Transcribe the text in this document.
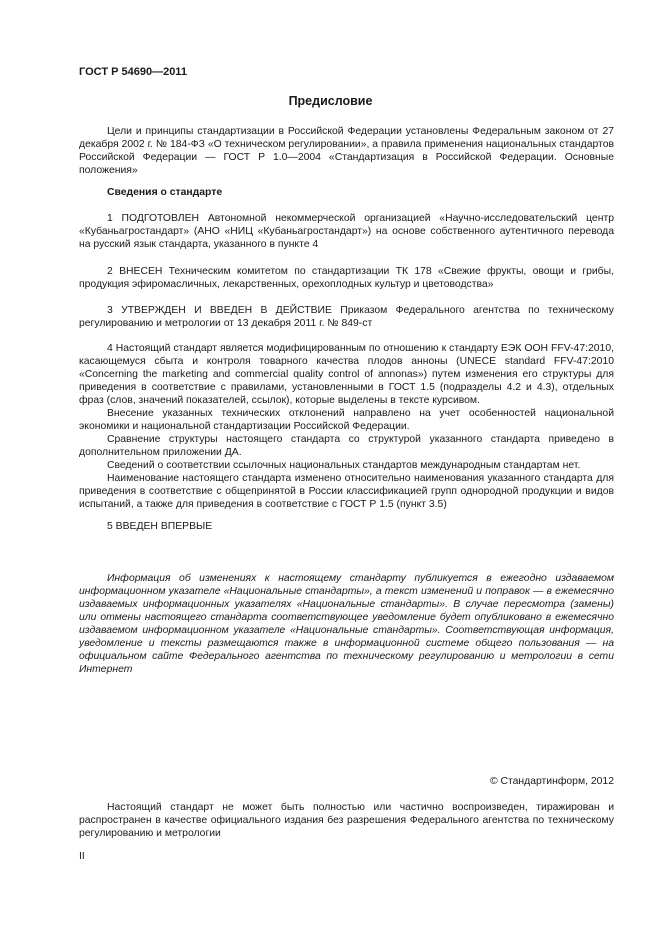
ГОСТ Р 54690—2011
Предисловие

Цели и принципы стандартизации в Российской Федерации установлены Федеральным законом от 27 декабря 2002 г. № 184-ФЗ «О техническом регулировании», а правила применения национальных стандартов Российской Федерации — ГОСТ Р 1.0—2004 «Стандартизация в Российской Федерации. Основные положения»

Сведения о стандарте

1 ПОДГОТОВЛЕН Автономной некоммерческой организацией «Научно-исследовательский центр «Кубаньагростандарт» (АНО «НИЦ «Кубаньагростандарт») на основе собственного аутентичного перевода на русский язык стандарта, указанного в пункте 4

2 ВНЕСЕН Техническим комитетом по стандартизации ТК 178 «Свежие фрукты, овощи и грибы, продукция эфиромасличных, лекарственных, орехоплодных культур и цветоводства»

3 УТВЕРЖДЕН И ВВЕДЕН В ДЕЙСТВИЕ Приказом Федерального агентства по техническому регулированию и метрологии от 13 декабря 2011 г. № 849-ст

4 Настоящий стандарт является модифицированным по отношению к стандарту ЕЭК ООН FFV-47:2010, касающемуся сбыта и контроля товарного качества плодов анноны (UNECE standard FFV-47:2010 «Concerning the marketing and commercial quality control of annonas») путем изменения его структуры для приведения в соответствие с правилами, установленными в ГОСТ 1.5 (подразделы 4.2 и 4.3), отдельных фраз (слов, значений показателей, ссылок), которые выделены в тексте курсивом.

Внесение указанных технических отклонений направлено на учет особенностей национальной экономики и национальной стандартизации Российской Федерации.

Сравнение структуры настоящего стандарта со структурой указанного стандарта приведено в дополнительном приложении ДА.

Сведений о соответствии ссылочных национальных стандартов международным стандартам нет.

Наименование настоящего стандарта изменено относительно наименования указанного стандарта для приведения в соответствие с общепринятой в России классификацией групп однородной продукции и видов испытаний, а также для приведения в соответствие с ГОСТ Р 1.5 (пункт 3.5)

5 ВВЕДЕН ВПЕРВЫЕ

Информация об изменениях к настоящему стандарту публикуется в ежегодно издаваемом информационном указателе «Национальные стандарты», а текст изменений и поправок — в ежемесячно издаваемых информационных указателях «Национальные стандарты». В случае пересмотра (замены) или отмены настоящего стандарта соответствующее уведомление будет опубликовано в ежемесячно издаваемом информационном указателе «Национальные стандарты». Соответствующая информация, уведомление и тексты размещаются также в информационной системе общего пользования — на официальном сайте Федерального агентства по техническому регулированию и метрологии в сети Интернет

© Стандартинформ, 2012

Настоящий стандарт не может быть полностью или частично воспроизведен, тиражирован и распространен в качестве официального издания без разрешения Федерального агентства по техническому регулированию и метрологии

II
